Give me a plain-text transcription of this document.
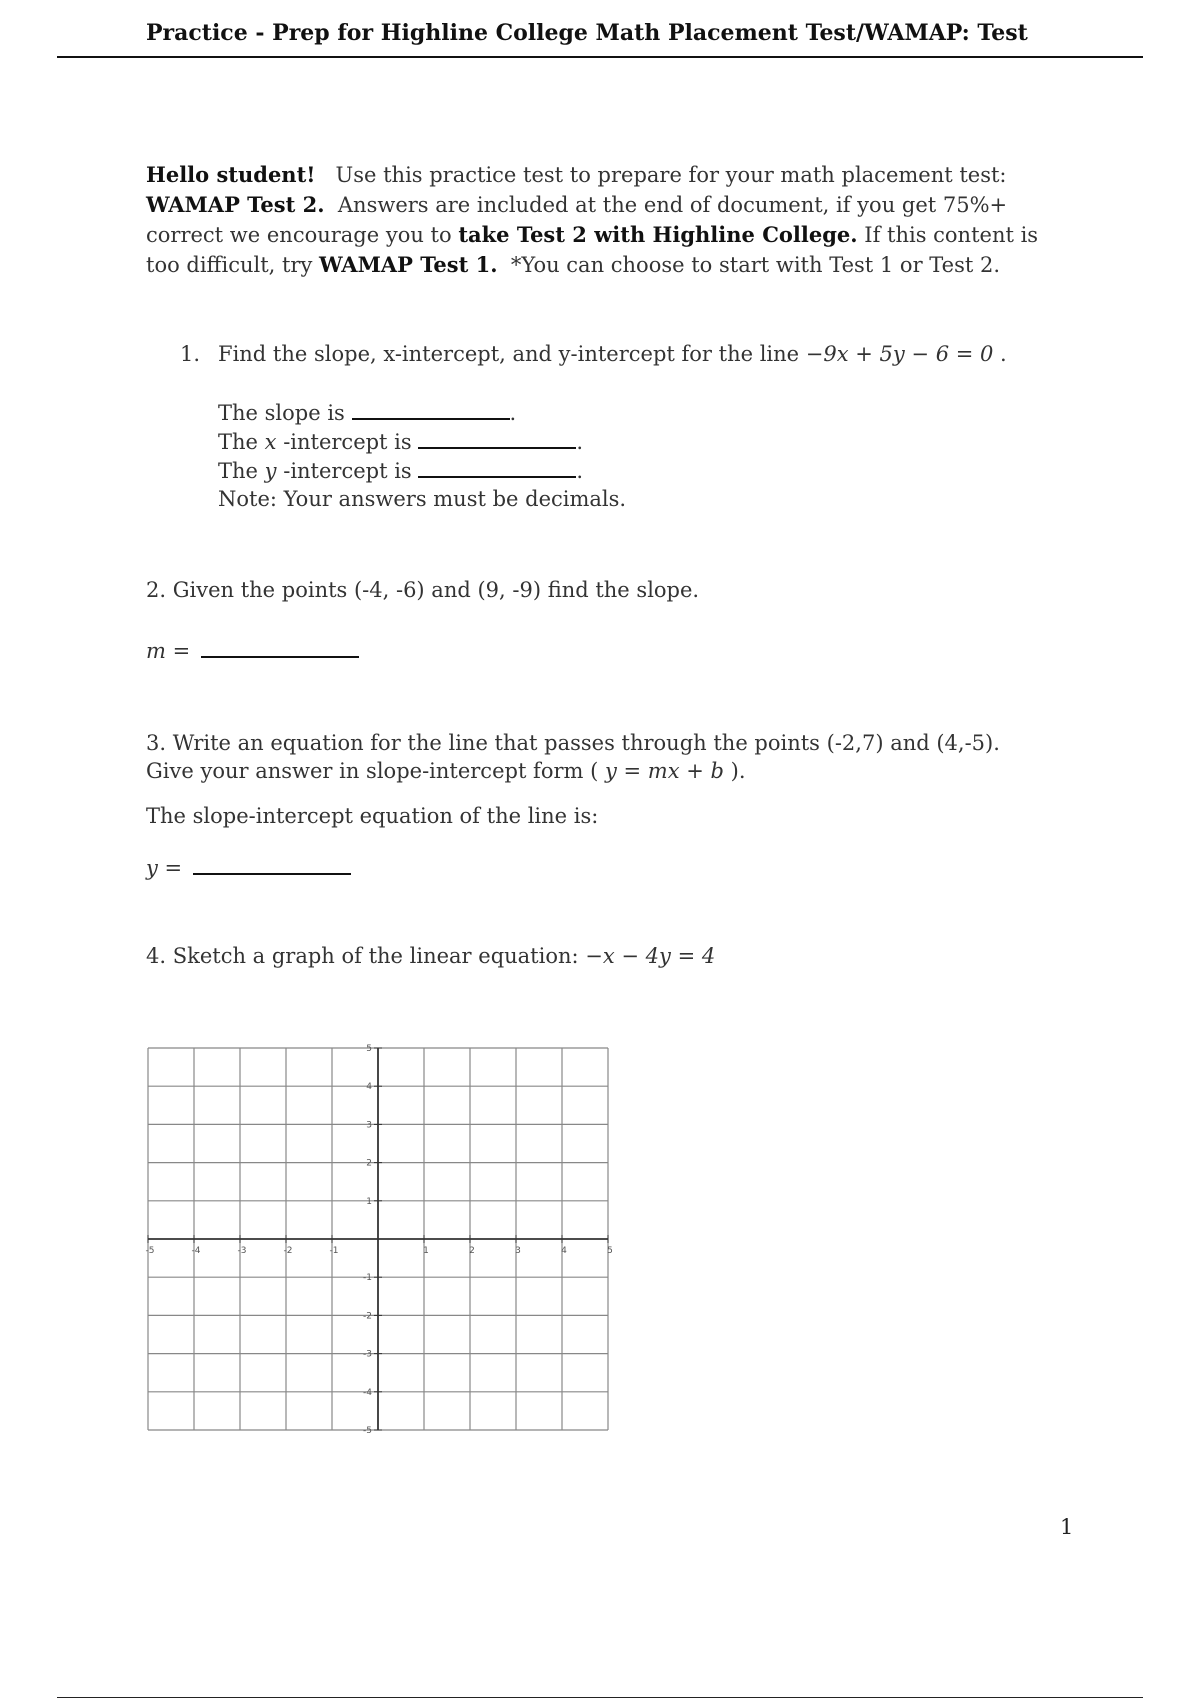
Practice - Prep for Highline College Math Placement Test/WAMAP: Test
Hello student! Use this practice test to prepare for your math placement test: WAMAP Test 2. Answers are included at the end of document, if you get 75%+ correct we encourage you to take Test 2 with Highline College. If this content is too difficult, try WAMAP Test 1. *You can choose to start with Test 1 or Test 2.
1. Find the slope, x-intercept, and y-intercept for the line −9x + 5y − 6 = 0 .
The slope is	.
The x -intercept is	.
The y -intercept is	.
Note: Your answers must be decimals.
2. Given the points (-4, -6) and (9, -9) find the slope.
m =
3. Write an equation for the line that passes through the points (-2,7) and (4,-5). Give your answer in slope-intercept form ( y = mx + b ).
The slope-intercept equation of the line is:
y =
4. Sketch a graph of the linear equation: −x − 4y = 4
-5	-4	-3	-2	-1	1	2	3	4	5
-5
-4
-3
-2
-1
1
2
3
4
5
1
